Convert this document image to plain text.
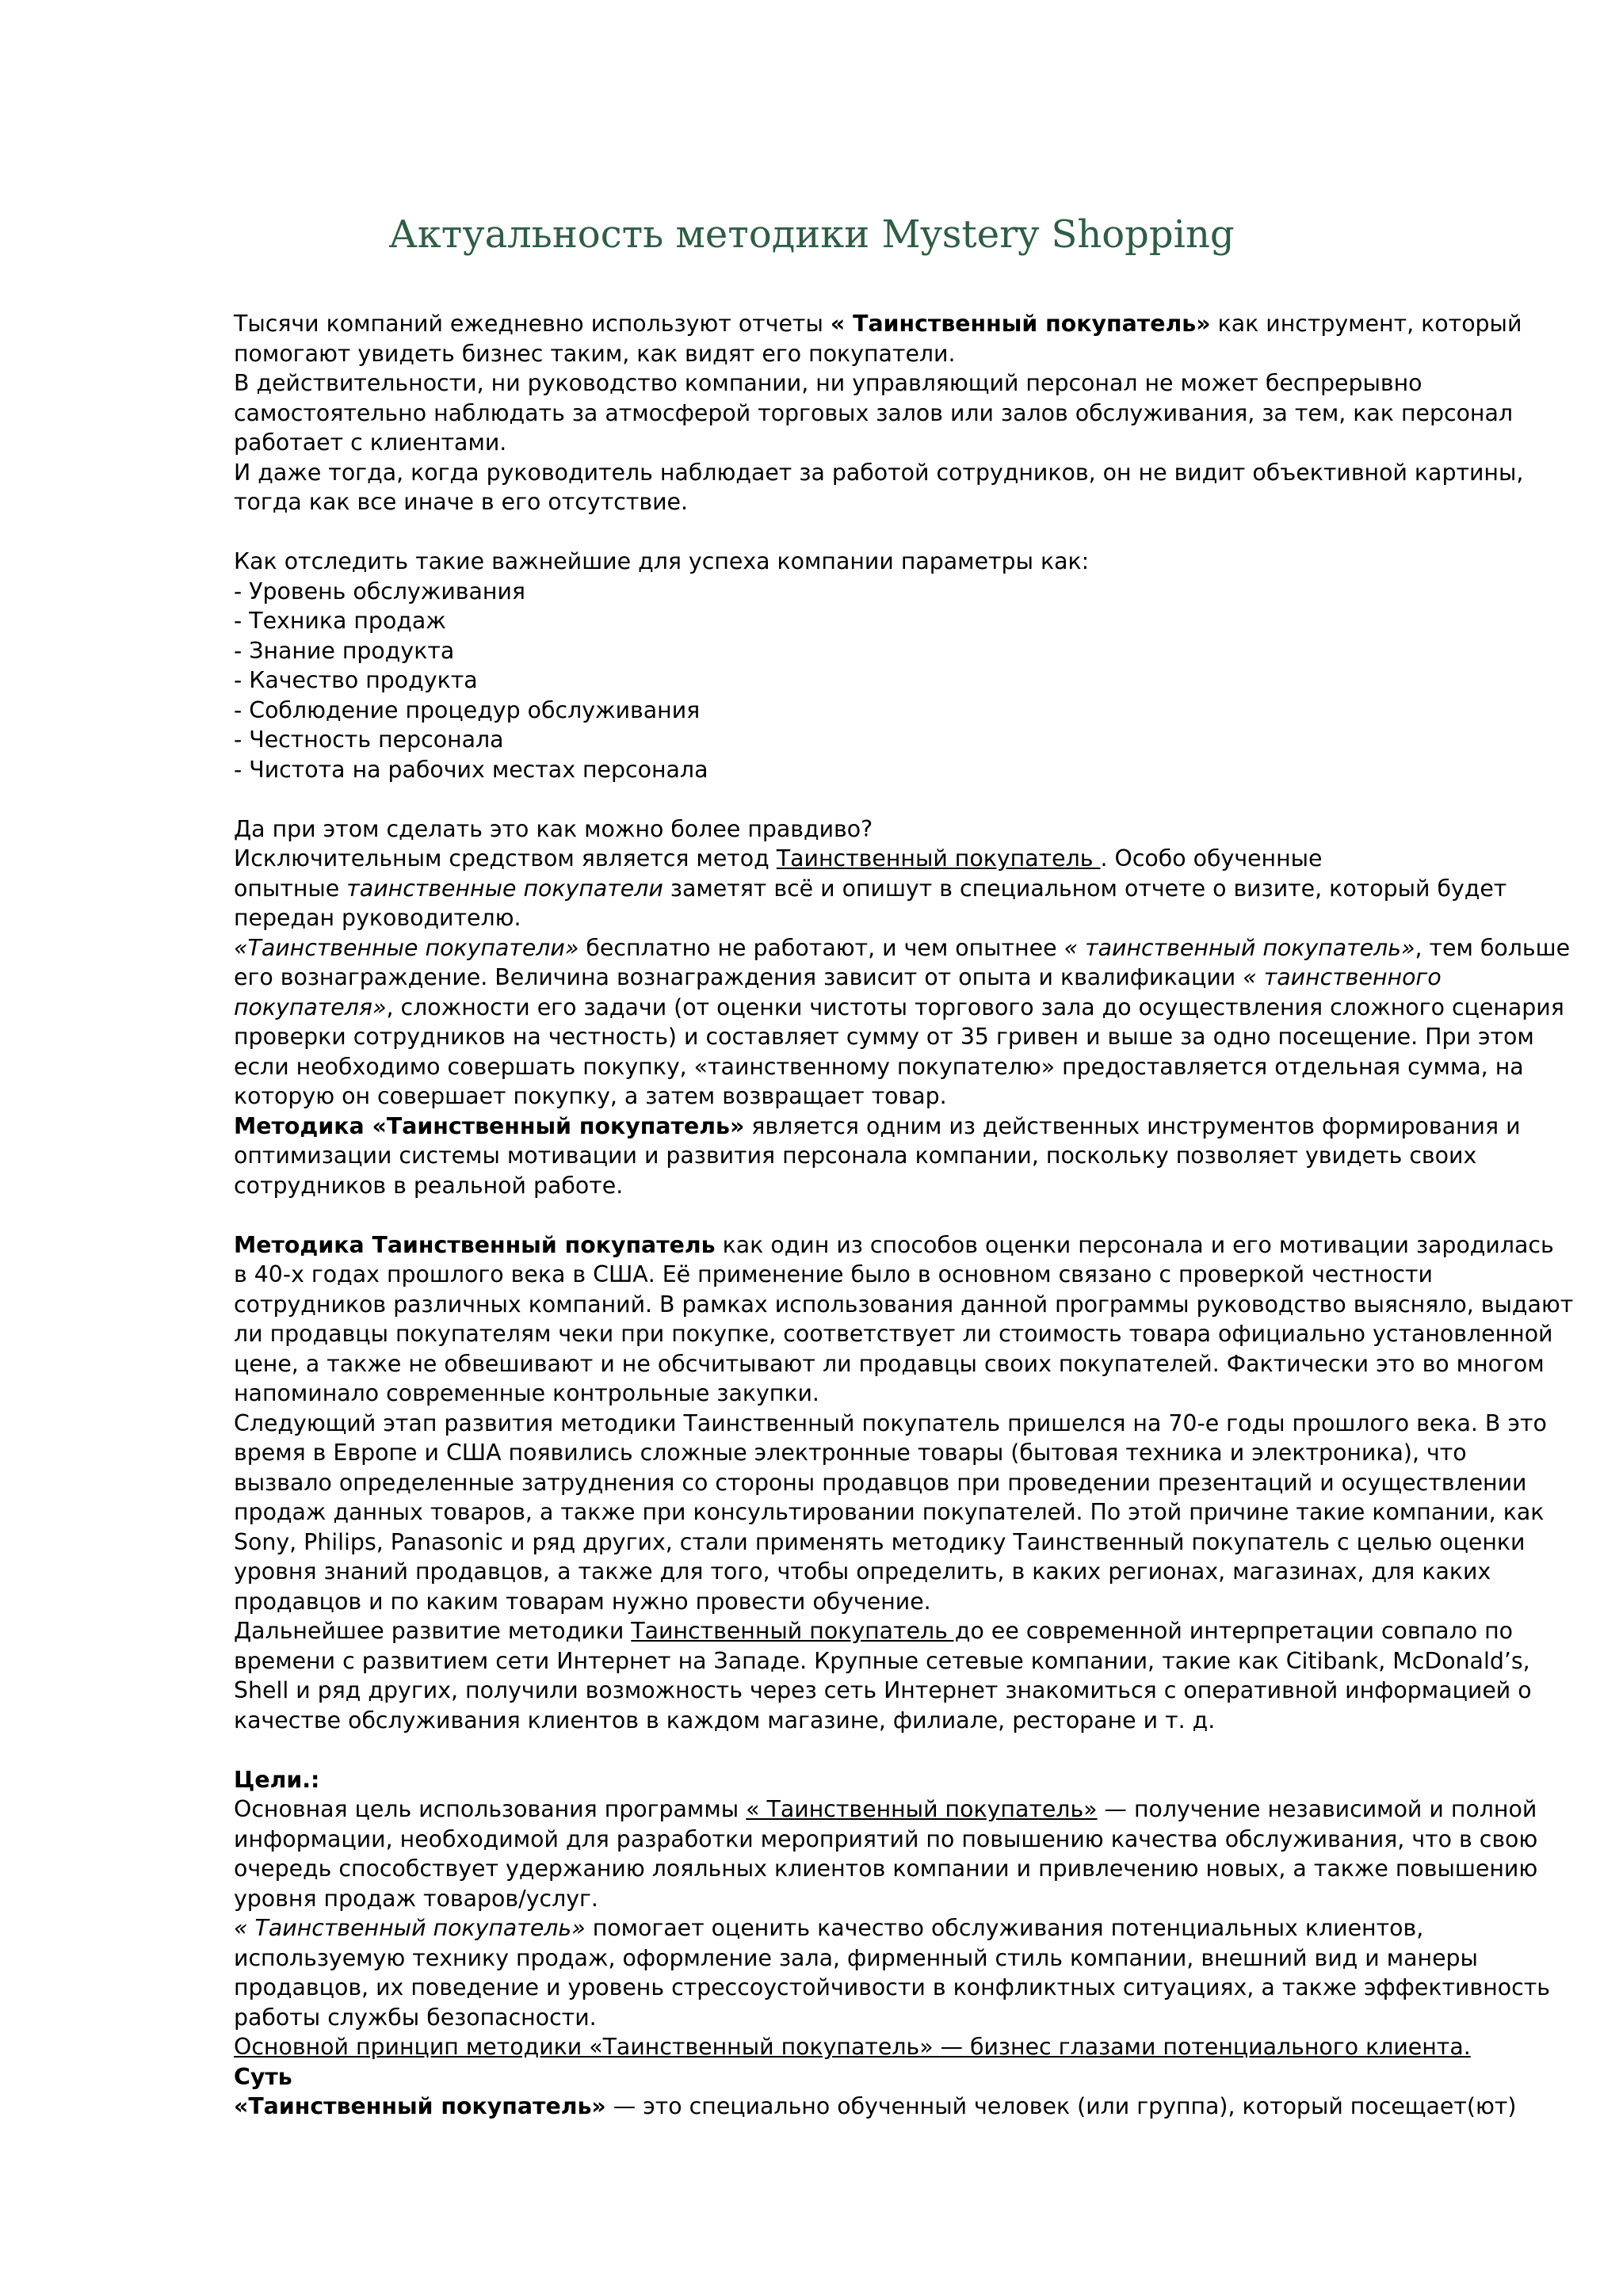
Актуальность методики Mystery Shopping

Тысячи компаний ежедневно используют отчеты « Таинственный покупатель» как инструмент, который
помогают увидеть бизнес таким, как видят его покупатели.
В действительности, ни руководство компании, ни управляющий персонал не может беспрерывно
самостоятельно наблюдать за атмосферой торговых залов или залов обслуживания, за тем, как персонал
работает с клиентами.
И даже тогда, когда руководитель наблюдает за работой сотрудников, он не видит объективной картины,
тогда как все иначе в его отсутствие.

Как отследить такие важнейшие для успеха компании параметры как:
- Уровень обслуживания
- Техника продаж
- Знание продукта
- Качество продукта
- Соблюдение процедур обслуживания
- Честность персонала
- Чистота на рабочих местах персонала

Да при этом сделать это как можно более правдиво?
Исключительным средством является метод Таинственный покупатель . Особо обученные
опытные таинственные покупатели заметят всё и опишут в специальном отчете о визите, который будет
передан руководителю.
«Таинственные покупатели» бесплатно не работают, и чем опытнее « таинственный покупатель», тем больше
его вознаграждение. Величина вознаграждения зависит от опыта и квалификации « таинственного
покупателя», сложности его задачи (от оценки чистоты торгового зала до осуществления сложного сценария
проверки сотрудников на честность) и составляет сумму от 35 гривен и выше за одно посещение. При этом
если необходимо совершать покупку, «таинственному покупателю» предоставляется отдельная сумма, на
которую он совершает покупку, а затем возвращает товар.
Методика «Таинственный покупатель» является одним из действенных инструментов формирования и
оптимизации системы мотивации и развития персонала компании, поскольку позволяет увидеть своих
сотрудников в реальной работе.

Методика Таинственный покупатель как один из способов оценки персонала и его мотивации зародилась
в 40-х годах прошлого века в США. Её применение было в основном связано с проверкой честности
сотрудников различных компаний. В рамках использования данной программы руководство выясняло, выдают
ли продавцы покупателям чеки при покупке, соответствует ли стоимость товара официально установленной
цене, а также не обвешивают и не обсчитывают ли продавцы своих покупателей. Фактически это во многом
напоминало современные контрольные закупки.
Следующий этап развития методики Таинственный покупатель пришелся на 70-е годы прошлого века. В это
время в Европе и США появились сложные электронные товары (бытовая техника и электроника), что
вызвало определенные затруднения со стороны продавцов при проведении презентаций и осуществлении
продаж данных товаров, а также при консультировании покупателей. По этой причине такие компании, как
Sony, Philips, Panasonic и ряд других, стали применять методику Таинственный покупатель с целью оценки
уровня знаний продавцов, а также для того, чтобы определить, в каких регионах, магазинах, для каких
продавцов и по каким товарам нужно провести обучение.
Дальнейшее развитие методики Таинственный покупатель до ее современной интерпретации совпало по
времени с развитием сети Интернет на Западе. Крупные сетевые компании, такие как Citibank, McDonald’s,
Shell и ряд других, получили возможность через сеть Интернет знакомиться с оперативной информацией о
качестве обслуживания клиентов в каждом магазине, филиале, ресторане и т. д.

Цели.:
Основная цель использования программы « Таинственный покупатель» — получение независимой и полной
информации, необходимой для разработки мероприятий по повышению качества обслуживания, что в свою
очередь способствует удержанию лояльных клиентов компании и привлечению новых, а также повышению
уровня продаж товаров/услуг.
« Таинственный покупатель» помогает оценить качество обслуживания потенциальных клиентов,
используемую технику продаж, оформление зала, фирменный стиль компании, внешний вид и манеры
продавцов, их поведение и уровень стрессоустойчивости в конфликтных ситуациях, а также эффективность
работы службы безопасности.
Основной принцип методики «Таинственный покупатель» — бизнес глазами потенциального клиента.

Суть
«Таинственный покупатель» — это специально обученный человек (или группа), который посещает(ют)
